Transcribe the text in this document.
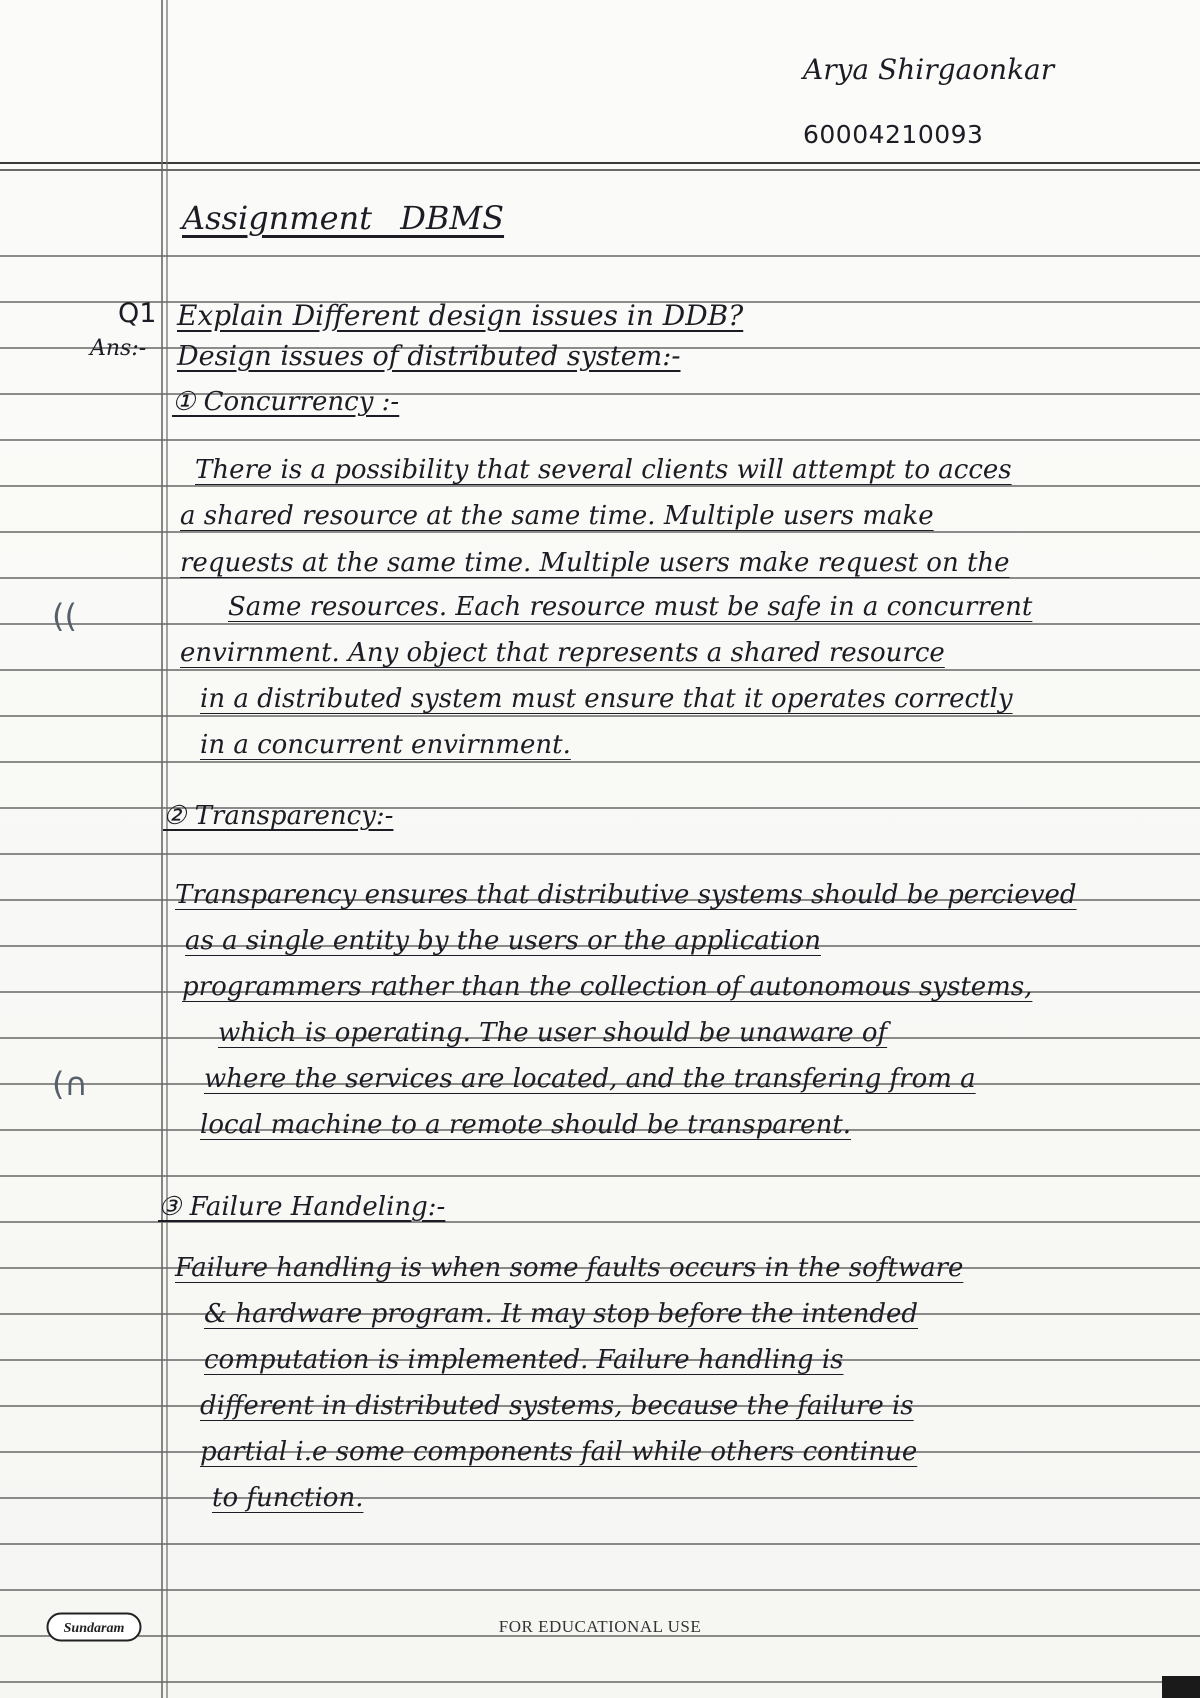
Arya Shirgaonkar
60004210093
Assignment DBMS
Q1 Explain Different design issues in DDB?
Ans:- Design issues of distributed system:-
① Concurrency :-
There is a possibility that several clients will attempt to acces
a shared resource at the same time. Multiple users make
requests at the same time. Multiple users make request on the
Same resources. Each resource must be safe in a concurrent
envirnment. Any object that represents a shared resource
in a distributed system must ensure that it operates correctly
in a concurrent envirnment.
② Transparency:-
Transparency ensures that distributive systems should be percieved
as a single entity by the users or the application
programmers rather than the collection of autonomous systems,
which is operating. The user should be unaware of
where the services are located, and the transfering from a
local machine to a remote should be transparent.
③ Failure Handeling:-
Failure handling is when some faults occurs in the software
& hardware program. It may stop before the intended
computation is implemented. Failure handling is
different in distributed systems, because the failure is
partial i.e some components fail while others continue
to function.
((
(∩
Sundaram	FOR EDUCATIONAL USE
